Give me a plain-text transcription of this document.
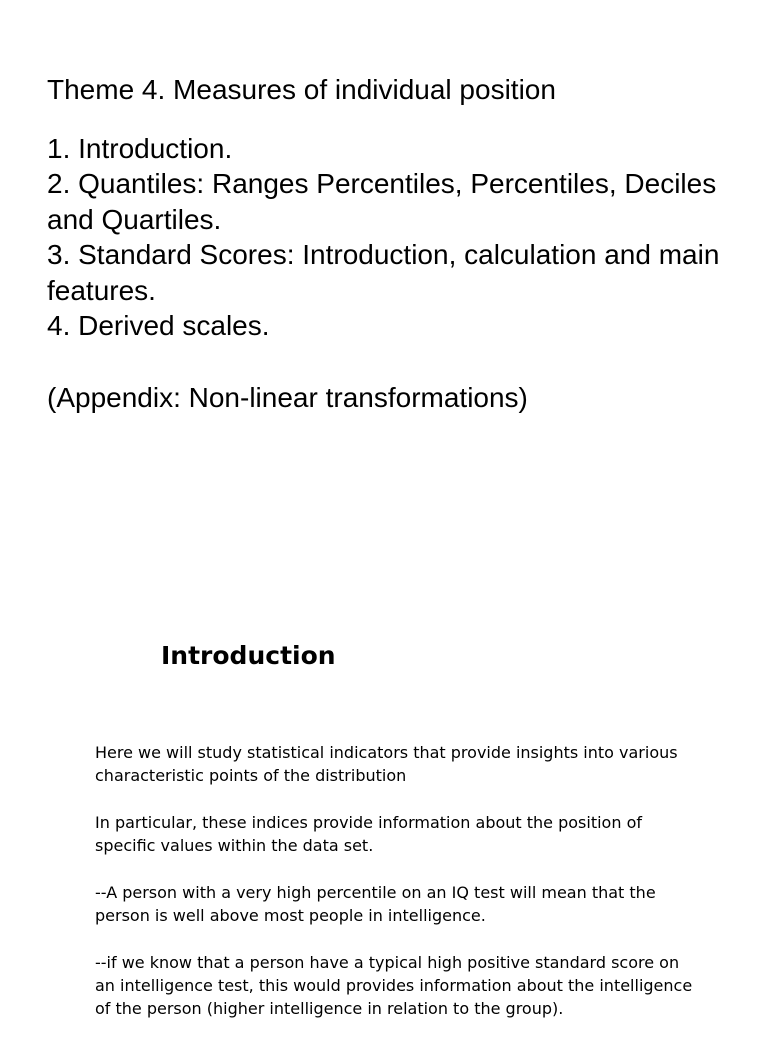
Theme 4. Measures of individual position

1. Introduction.

2. Quantiles: Ranges Percentiles, Percentiles, Deciles and Quartiles.

3. Standard Scores: Introduction, calculation and main features.

4. Derived scales.

(Appendix: Non-linear transformations)

Introduction

Here we will study statistical indicators that provide insights into various characteristic points of the distribution

In particular, these indices provide information about the position of specific values within the data set.

--A person with a very high percentile on an IQ test will mean that the person is well above most people in intelligence.

--if we know that a person have a typical high positive standard score on an intelligence test, this would provides information about the intelligence of the person (higher intelligence in relation to the group).
